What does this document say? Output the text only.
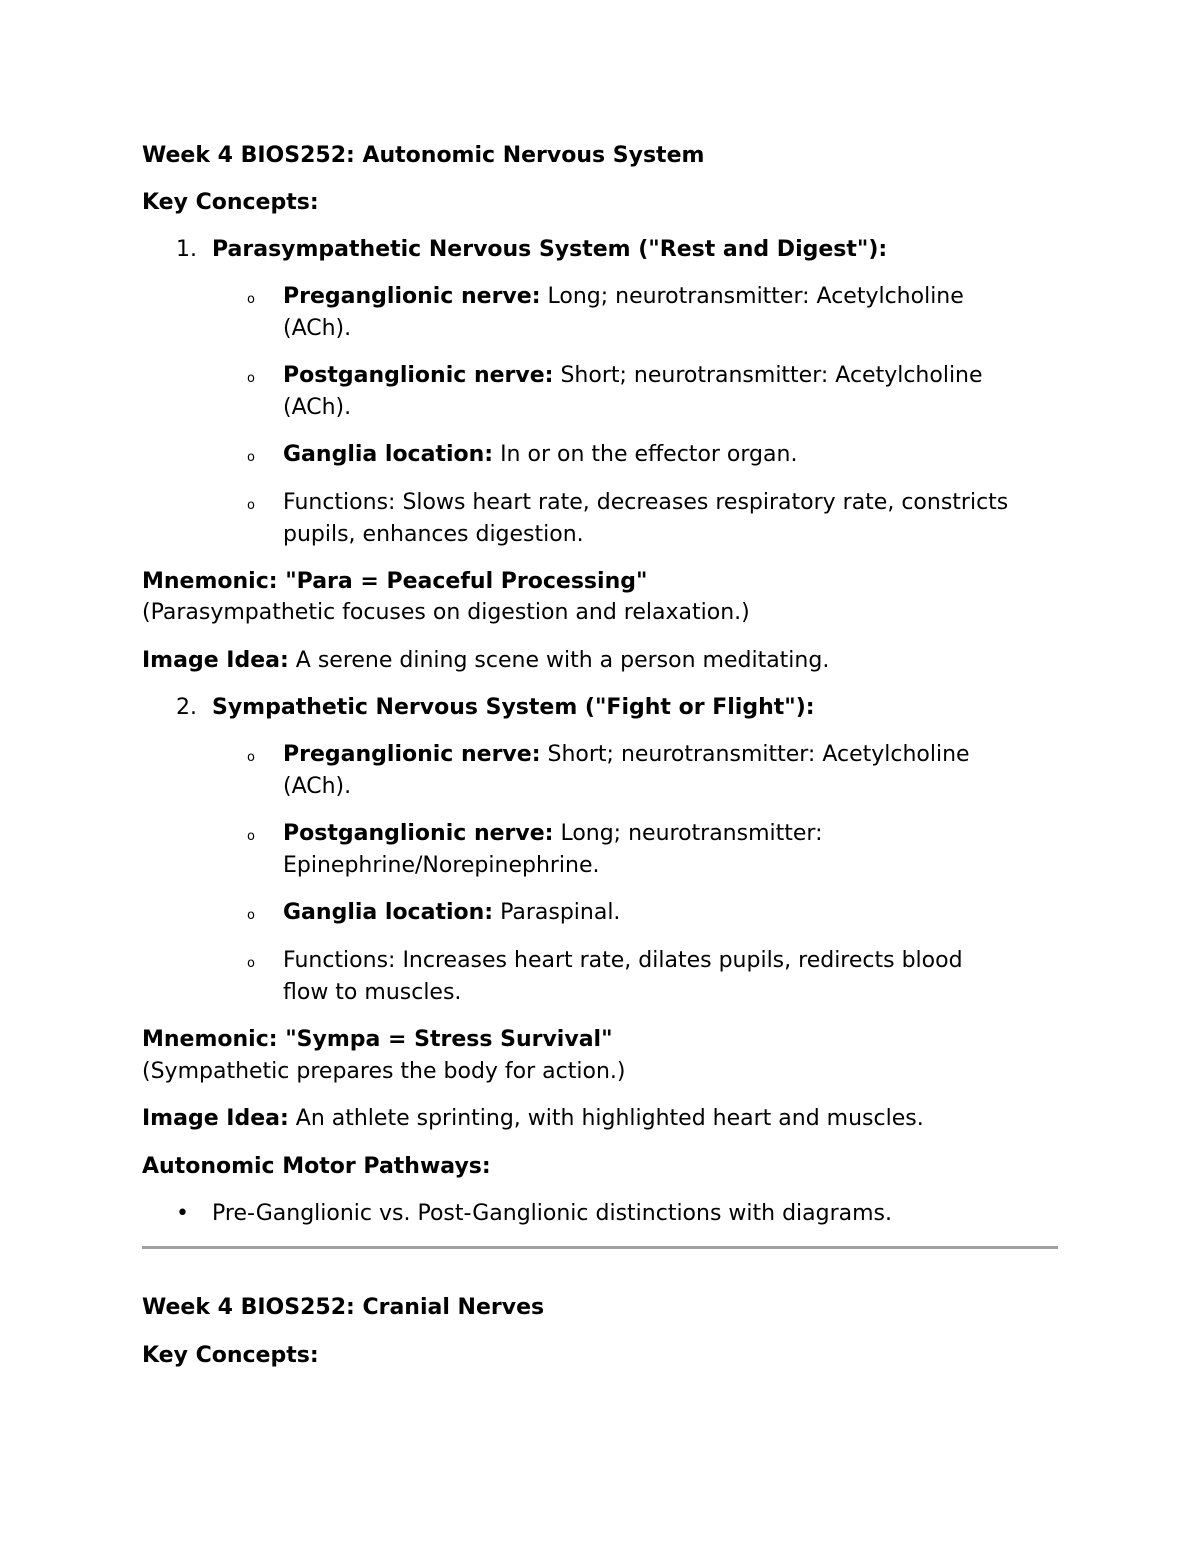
Week 4 BIOS252: Autonomic Nervous System
Key Concepts:
1. Parasympathetic Nervous System ("Rest and Digest"):
o Preganglionic nerve: Long; neurotransmitter: Acetylcholine
(ACh).
o Postganglionic nerve: Short; neurotransmitter: Acetylcholine
(ACh).
o Ganglia location: In or on the effector organ.
o Functions: Slows heart rate, decreases respiratory rate, constricts
pupils, enhances digestion.
Mnemonic: "Para = Peaceful Processing"
(Parasympathetic focuses on digestion and relaxation.)
Image Idea: A serene dining scene with a person meditating.
2. Sympathetic Nervous System ("Fight or Flight"):
o Preganglionic nerve: Short; neurotransmitter: Acetylcholine
(ACh).
o Postganglionic nerve: Long; neurotransmitter:
Epinephrine/Norepinephrine.
o Ganglia location: Paraspinal.
o Functions: Increases heart rate, dilates pupils, redirects blood
flow to muscles.
Mnemonic: "Sympa = Stress Survival"
(Sympathetic prepares the body for action.)
Image Idea: An athlete sprinting, with highlighted heart and muscles.
Autonomic Motor Pathways:
• Pre-Ganglionic vs. Post-Ganglionic distinctions with diagrams.
Week 4 BIOS252: Cranial Nerves
Key Concepts:
